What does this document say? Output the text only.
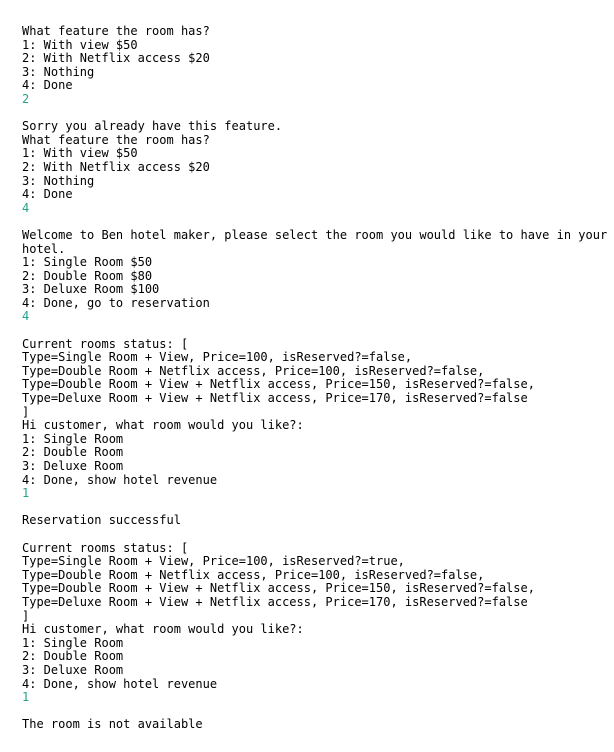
What feature the room has?
1: With view $50
2: With Netflix access $20
3: Nothing
4: Done
2
Sorry you already have this feature.
What feature the room has?
1: With view $50
2: With Netflix access $20
3: Nothing
4: Done
4
Welcome to Ben hotel maker, please select the room you would like to have in your
hotel.
1: Single Room $50
2: Double Room $80
3: Deluxe Room $100
4: Done, go to reservation
4
Current rooms status: [
Type=Single Room + View, Price=100, isReserved?=false,
Type=Double Room + Netflix access, Price=100, isReserved?=false,
Type=Double Room + View + Netflix access, Price=150, isReserved?=false,
Type=Deluxe Room + View + Netflix access, Price=170, isReserved?=false
]
Hi customer, what room would you like?:
1: Single Room
2: Double Room
3: Deluxe Room
4: Done, show hotel revenue
1
Reservation successful
Current rooms status: [
Type=Single Room + View, Price=100, isReserved?=true,
Type=Double Room + Netflix access, Price=100, isReserved?=false,
Type=Double Room + View + Netflix access, Price=150, isReserved?=false,
Type=Deluxe Room + View + Netflix access, Price=170, isReserved?=false
]
Hi customer, what room would you like?:
1: Single Room
2: Double Room
3: Deluxe Room
4: Done, show hotel revenue
1
The room is not available
